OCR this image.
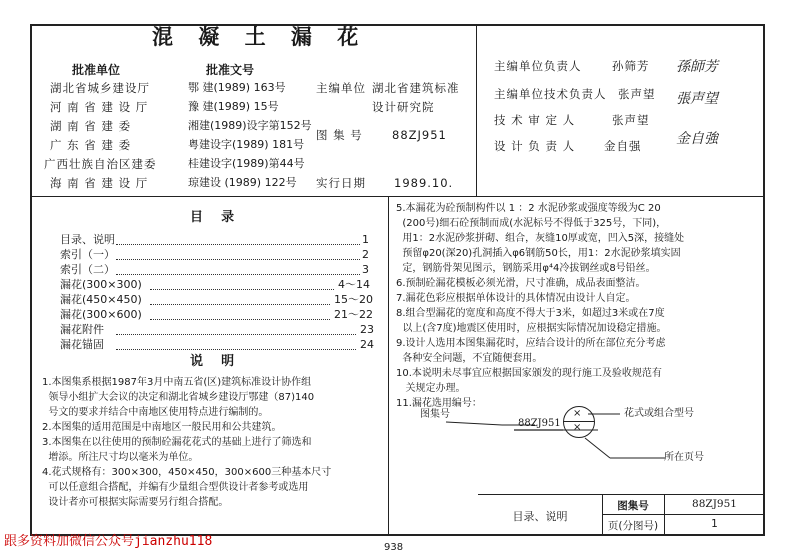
混 凝 土 漏 花
批准单位	批准文号
湖北省城乡建设厅	鄂 建(1989) 163号
河 南 省 建 设 厅	豫 建(1989) 15号
湖 南 省 建 委	湘建(1989)设字第152号
广 东 省 建 委	粤建设字(1989) 181号
广西壮族自治区建委	桂建设字(1989)第44号
海 南 省 建 设 厅	琼建设 (1989) 122号
主编单位 湖北省建筑标准
设计研究院
图 集 号	88ZJ951
实行日期 1989.10.
主编单位负责人	孙筛芳 孫師芳
主编单位技术负责人 张声望 張声望
技 术 审 定 人	张声望
设 计 负 责 人	金自强 金自強
目    录
目录、说明	1
索引（一）	2
索引（二）	3
漏花(300×300)	4～14
漏花(450×450)	15～20
漏花(300×600)	21～22
漏花附件	23
漏花锚固	24
说    明
1.本图集系根据1987年3月中南五省(区)建筑标准设计协作组
领导小组扩大会议的决定和湖北省城乡建设厅鄂建（87)140
号文的要求并结合中南地区使用特点进行编制的。
2.本图集的适用范围是中南地区一般民用和公共建筑。
3.本图集在以往使用的预制砼漏花花式的基础上进行了筛选和
增添。所注尺寸均以毫米为单位。
4.花式规格有：300×300，450×450，300×600三种基本尺寸
可以任意组合搭配，并编有少量组合型供设计者参考或选用
设计者亦可根据实际需要另行组合搭配。
5.本漏花为砼预制构件以 1 ：2 水泥砂浆或强度等级为C 20
(200号)细石砼预制而成(水泥标号不得低于325号，下同)，
用1：2水泥砂浆拼砌、组合，灰缝10厚或宽，凹入5深，接缝处
预留φ20(深20)孔洞插入φ6钢筋50长，用1：2水泥砂浆填实固
定，钢筋骨架见图示，钢筋采用φ⁴4冷拔钢丝或8号铅丝。
6.预制砼漏花模板必须光滑，尺寸准确，成品表面整洁。
7.漏花色彩应根据单体设计的具体情况由设计人自定。
8.组合型漏花的宽度和高度不得大于3米，如超过3米或在7度
以上(含7度)地震区使用时，应根据实际情况加设稳定措施。
9.设计人选用本图集漏花时，应结合设计的所在部位充分考虑
各种安全问题，不宜随便套用。
10.本说明未尽事宜应根据国家颁发的现行施工及验收规范有
关规定办理。
11.漏花选用编号：
图集号
88ZJ951
×
×
花式或组合型号
所在页号
目录、说明
图集号	88ZJ951
页(分图号)	1
938
跟多资料加微信公众号jianzhu118
